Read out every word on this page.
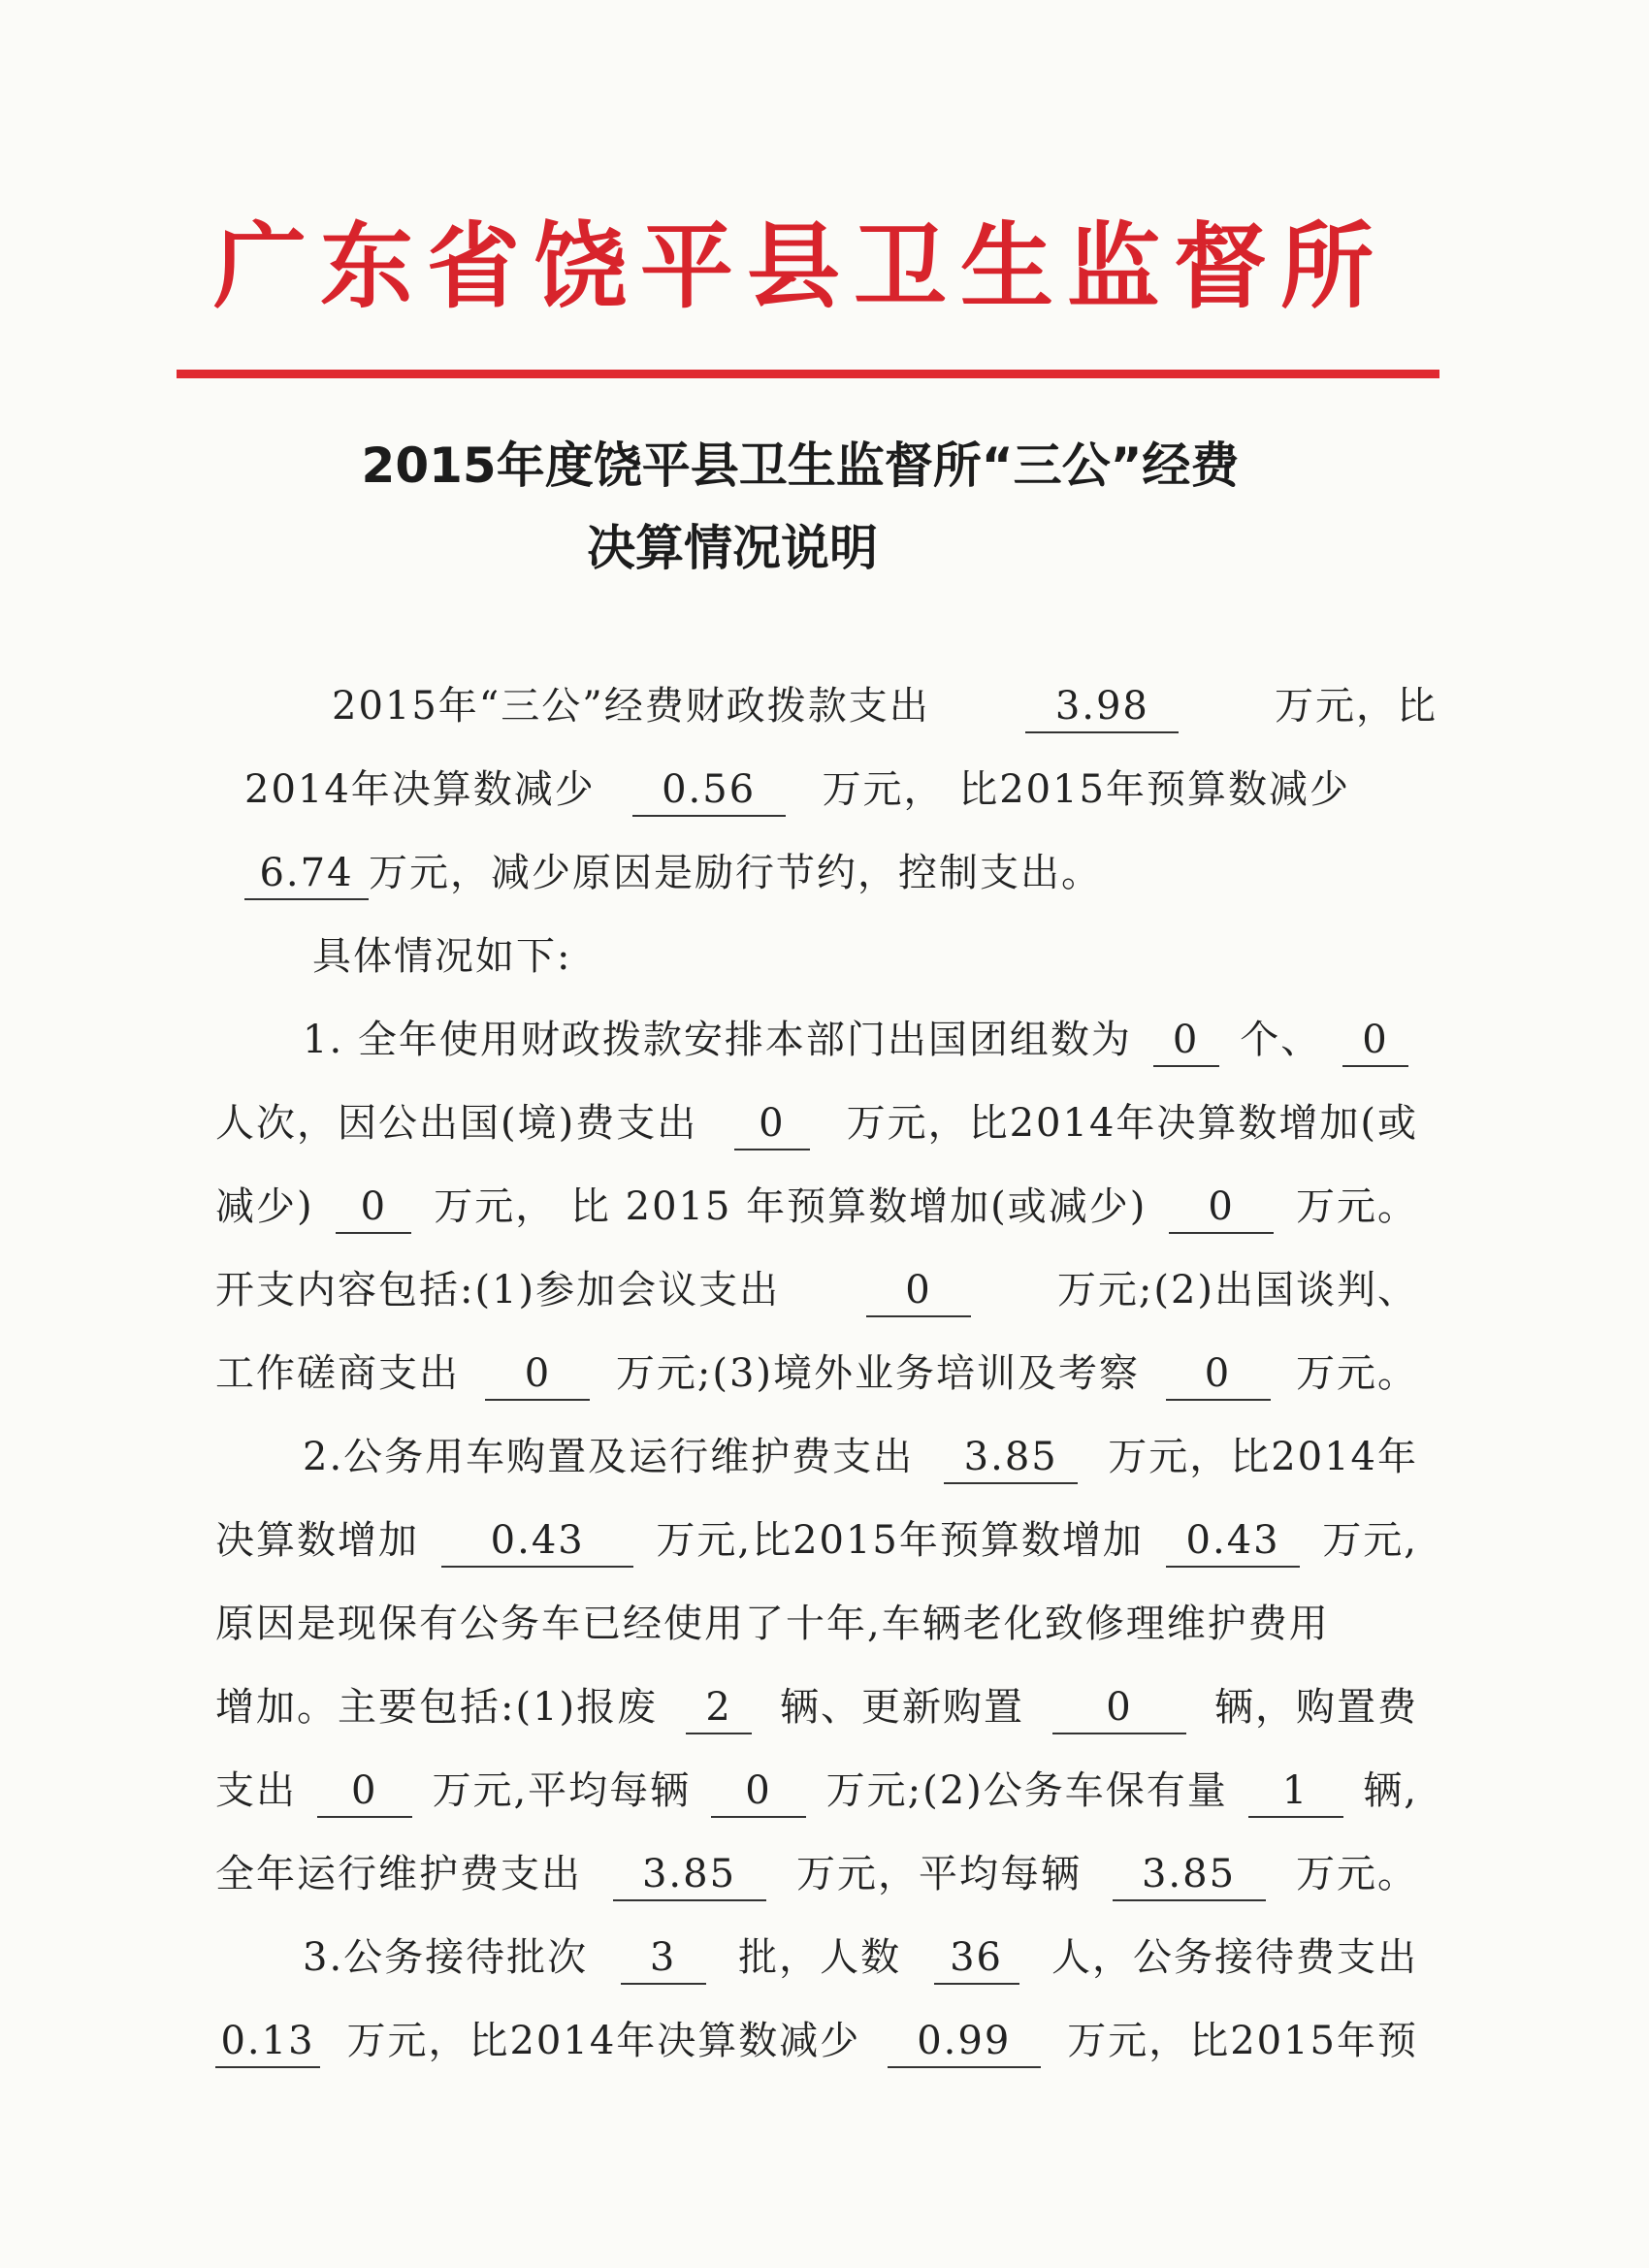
广东省饶平县卫生监督所
2015年度饶平县卫生监督所“三公”经费
决算情况说明
2015年“三公”经费财政拨款支出	3.98	万元，比
2014年决算数减少	0.56	万元， 比2015年预算数减少
6.74 万元，减少原因是励行节约，控制支出。
具体情况如下:
1. 全年使用财政拨款安排本部门出国团组数为	0	个、	0
人次，因公出国(境)费支出	0	万元，比2014年决算数增加(或
减少)	0	万元， 比 2015 年预算数增加(或减少)	0	万元。
开支内容包括:(1)参加会议支出	0	万元;(2)出国谈判、
工作磋商支出	0	万元;(3)境外业务培训及考察	0	万元。
2.公务用车购置及运行维护费支出	3.85	万元，比2014年
决算数增加	0.43	万元,比2015年预算数增加	0.43	万元,
原因是现保有公务车已经使用了十年,车辆老化致修理维护费用
增加。主要包括:(1)报废	2	辆、更新购置	0	辆，购置费
支出	0	万元,平均每辆	0	万元;(2)公务车保有量	1	辆,
全年运行维护费支出	3.85	万元，平均每辆	3.85	万元。
3.公务接待批次	3	批，人数	36	人，公务接待费支出
0.13 万元，比2014年决算数减少	0.99	万元，比2015年预
